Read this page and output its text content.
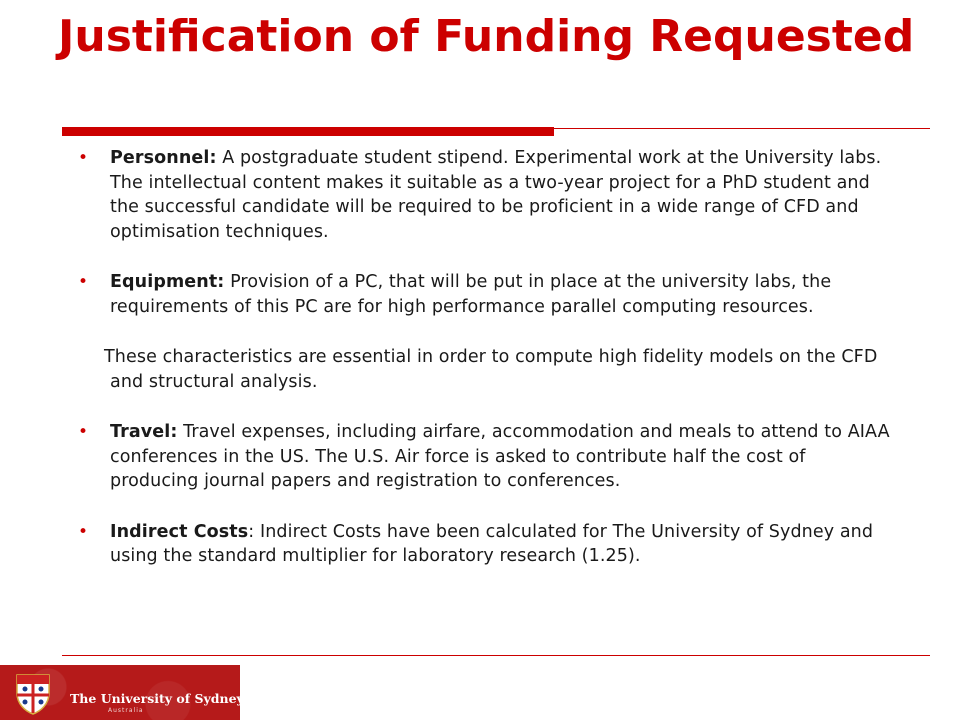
Justification of Funding Requested
• Personnel: A postgraduate student stipend. Experimental work at the University labs. The intellectual content makes it suitable as a two-year project for a PhD student and the successful candidate will be required to be proficient in a wide range of CFD and optimisation techniques.
• Equipment: Provision of a PC, that will be put in place at the university labs, the requirements of this PC are for high performance parallel computing resources.
These characteristics are essential in order to compute high fidelity models on the CFD and structural analysis.
• Travel: Travel expenses, including airfare, accommodation and meals to attend to AIAA conferences in the US. The U.S. Air force is asked to contribute half the cost of producing journal papers and registration to conferences.
• Indirect Costs: Indirect Costs have been calculated for The University of Sydney and using the standard multiplier for laboratory research (1.25).
The University of Sydney
Australia
